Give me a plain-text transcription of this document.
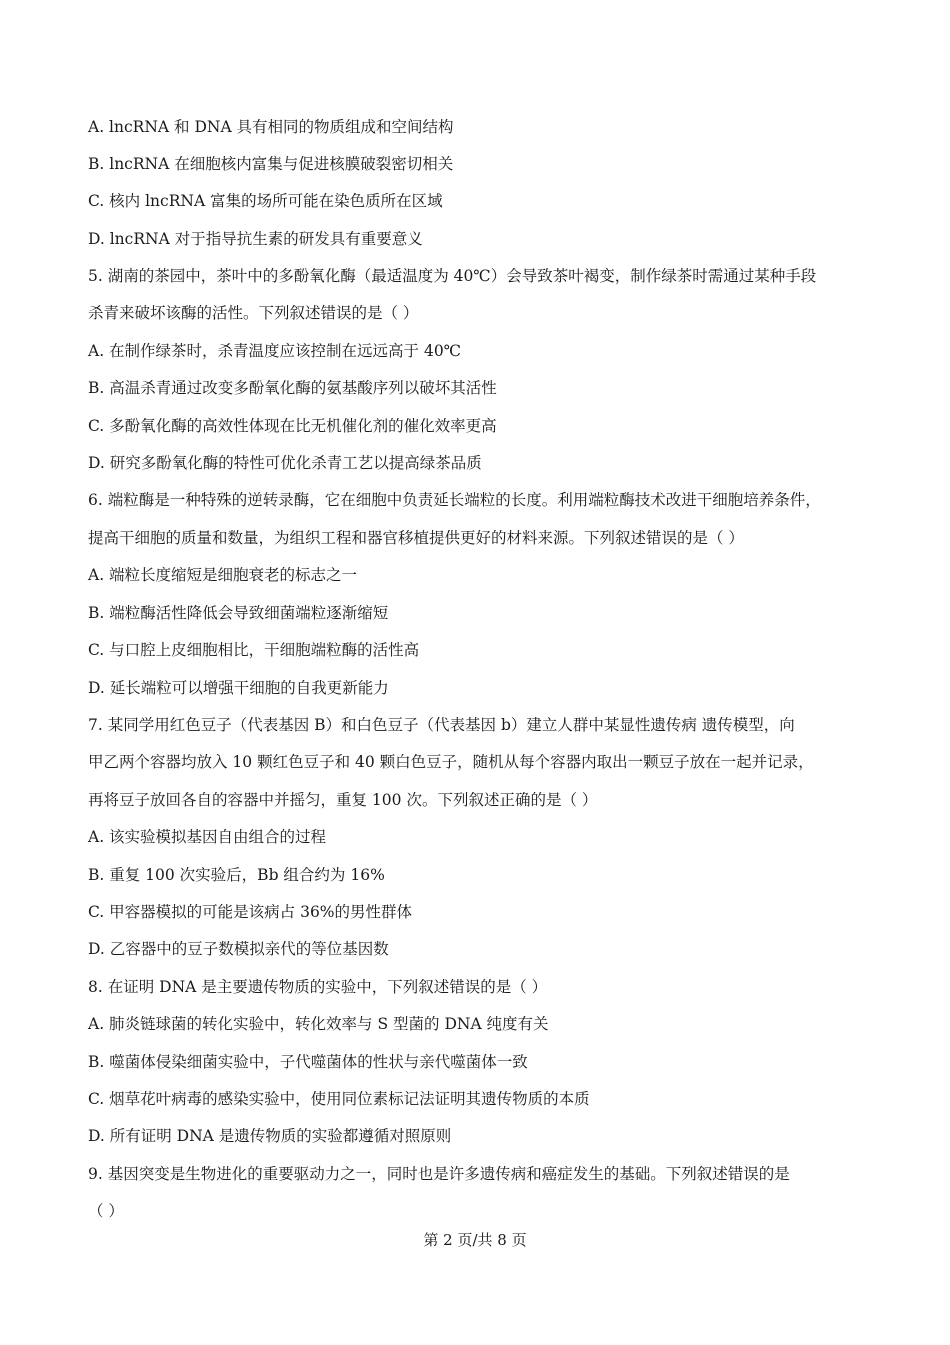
A. lncRNA 和 DNA 具有相同的物质组成和空间结构
B. lncRNA 在细胞核内富集与促进核膜破裂密切相关
C. 核内 lncRNA 富集的场所可能在染色质所在区域
D. lncRNA 对于指导抗生素的研发具有重要意义
5. 湖南的茶园中，茶叶中的多酚氧化酶（最适温度为 40℃）会导致茶叶褐变，制作绿茶时需通过某种手段
杀青来破坏该酶的活性。下列叙述错误的是（ ）
A. 在制作绿茶时，杀青温度应该控制在远远高于 40℃
B. 高温杀青通过改变多酚氧化酶的氨基酸序列以破坏其活性
C. 多酚氧化酶的高效性体现在比无机催化剂的催化效率更高
D. 研究多酚氧化酶的特性可优化杀青工艺以提高绿茶品质
6. 端粒酶是一种特殊的逆转录酶，它在细胞中负责延长端粒的长度。利用端粒酶技术改进干细胞培养条件，
提高干细胞的质量和数量，为组织工程和器官移植提供更好的材料来源。下列叙述错误的是（ ）
A. 端粒长度缩短是细胞衰老的标志之一
B. 端粒酶活性降低会导致细菌端粒逐渐缩短
C. 与口腔上皮细胞相比，干细胞端粒酶的活性高
D. 延长端粒可以增强干细胞的自我更新能力
7. 某同学用红色豆子（代表基因 B）和白色豆子（代表基因 b）建立人群中某显性遗传病 遗传模型，向
甲乙两个容器均放入 10 颗红色豆子和 40 颗白色豆子，随机从每个容器内取出一颗豆子放在一起并记录，
再将豆子放回各自的容器中并摇匀，重复 100 次。下列叙述正确的是（ ）
A. 该实验模拟基因自由组合的过程
B. 重复 100 次实验后，Bb 组合约为 16%
C. 甲容器模拟的可能是该病占 36%的男性群体
D. 乙容器中的豆子数模拟亲代的等位基因数
8. 在证明 DNA 是主要遗传物质的实验中，下列叙述错误的是（ ）
A. 肺炎链球菌的转化实验中，转化效率与 S 型菌的 DNA 纯度有关
B. 噬菌体侵染细菌实验中，子代噬菌体的性状与亲代噬菌体一致
C. 烟草花叶病毒的感染实验中，使用同位素标记法证明其遗传物质的本质
D. 所有证明 DNA 是遗传物质的实验都遵循对照原则
9. 基因突变是生物进化的重要驱动力之一，同时也是许多遗传病和癌症发生的基础。下列叙述错误的是
（ ）
第 2 页/共 8 页
